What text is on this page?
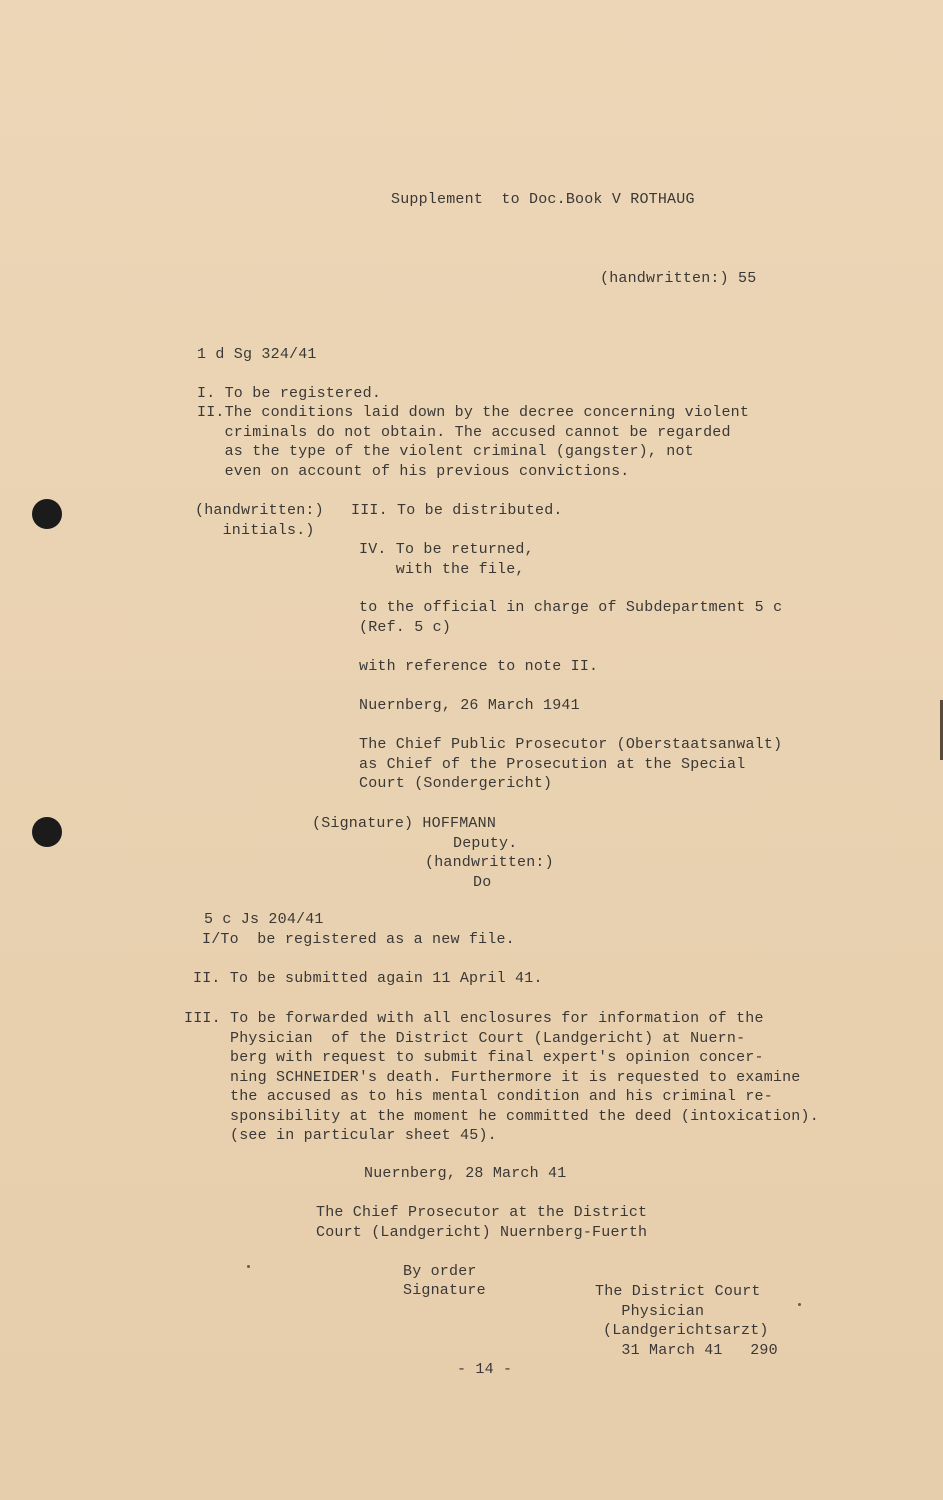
Supplement  to Doc.Book V ROTHAUG
(handwritten:) 55
1 d Sg 324/41
I. To be registered.
II.The conditions laid down by the decree concerning violent
criminals do not obtain. The accused cannot be regarded
as the type of the violent criminal (gangster), not
even on account of his previous convictions.
(handwritten:)
initials.)
III. To be distributed.
IV. To be returned,
with the file,
to the official in charge of Subdepartment 5 c
(Ref. 5 c)
with reference to note II.
Nuernberg, 26 March 1941
The Chief Public Prosecutor (Oberstaatsanwalt)
as Chief of the Prosecution at the Special
Court (Sondergericht)
(Signature) HOFFMANN
Deputy.
(handwritten:)
Do
5 c Js 204/41
I/To  be registered as a new file.
II. To be submitted again 11 April 41.
III. To be forwarded with all enclosures for information of the
Physician  of the District Court (Landgericht) at Nuern-
berg with request to submit final expert's opinion concer-
ning SCHNEIDER's death. Furthermore it is requested to examine
the accused as to his mental condition and his criminal re-
sponsibility at the moment he committed the deed (intoxication).
(see in particular sheet 45).
Nuernberg, 28 March 41
The Chief Prosecutor at the District
Court (Landgericht) Nuernberg-Fuerth
By order
Signature	The District Court
Physician
(Landgerichtsarzt)
31 March 41   290
- 14 -
